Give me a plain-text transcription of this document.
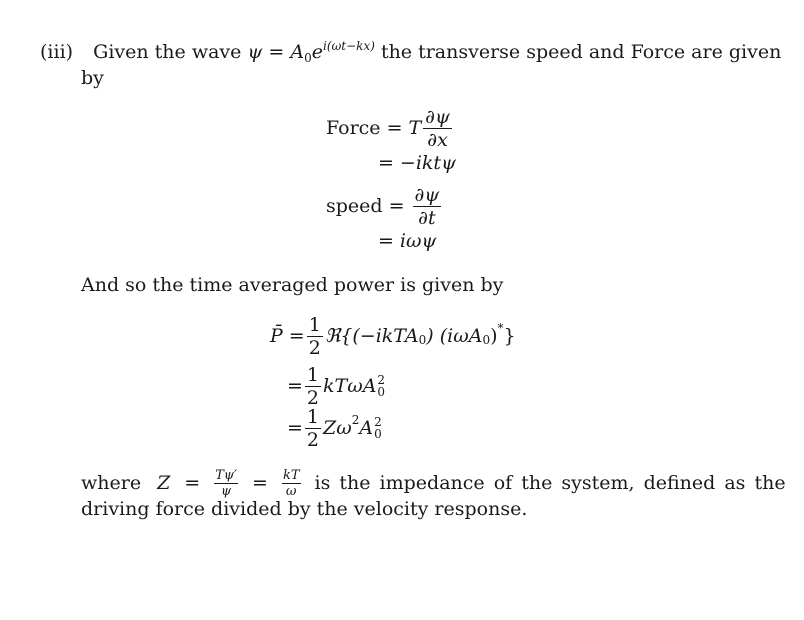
(iii) Given the wave $\psi = A_0e^{i(\omega t-kx)}$ the transverse speed and Force are given
by
Force = T $\frac{\partial\psi}{\partial x}$
= −iktψ
speed = $\frac{\partial\psi}{\partial t}$
= iωψ
And so the time averaged power is given by
P̄ = $\frac{1}{2}$ ℜ{(−ikTA 0 ) (iωA 0 ) * }
= $\frac{1}{2}$ kTωA 2
0
= $\frac{1}{2}$ Zω 2 A 2
0
where $Z = \frac{T\psi'}{\psi} = \frac{kT}{\omega}$ is the impedance of the system, defined as the
driving force divided by the velocity response.
